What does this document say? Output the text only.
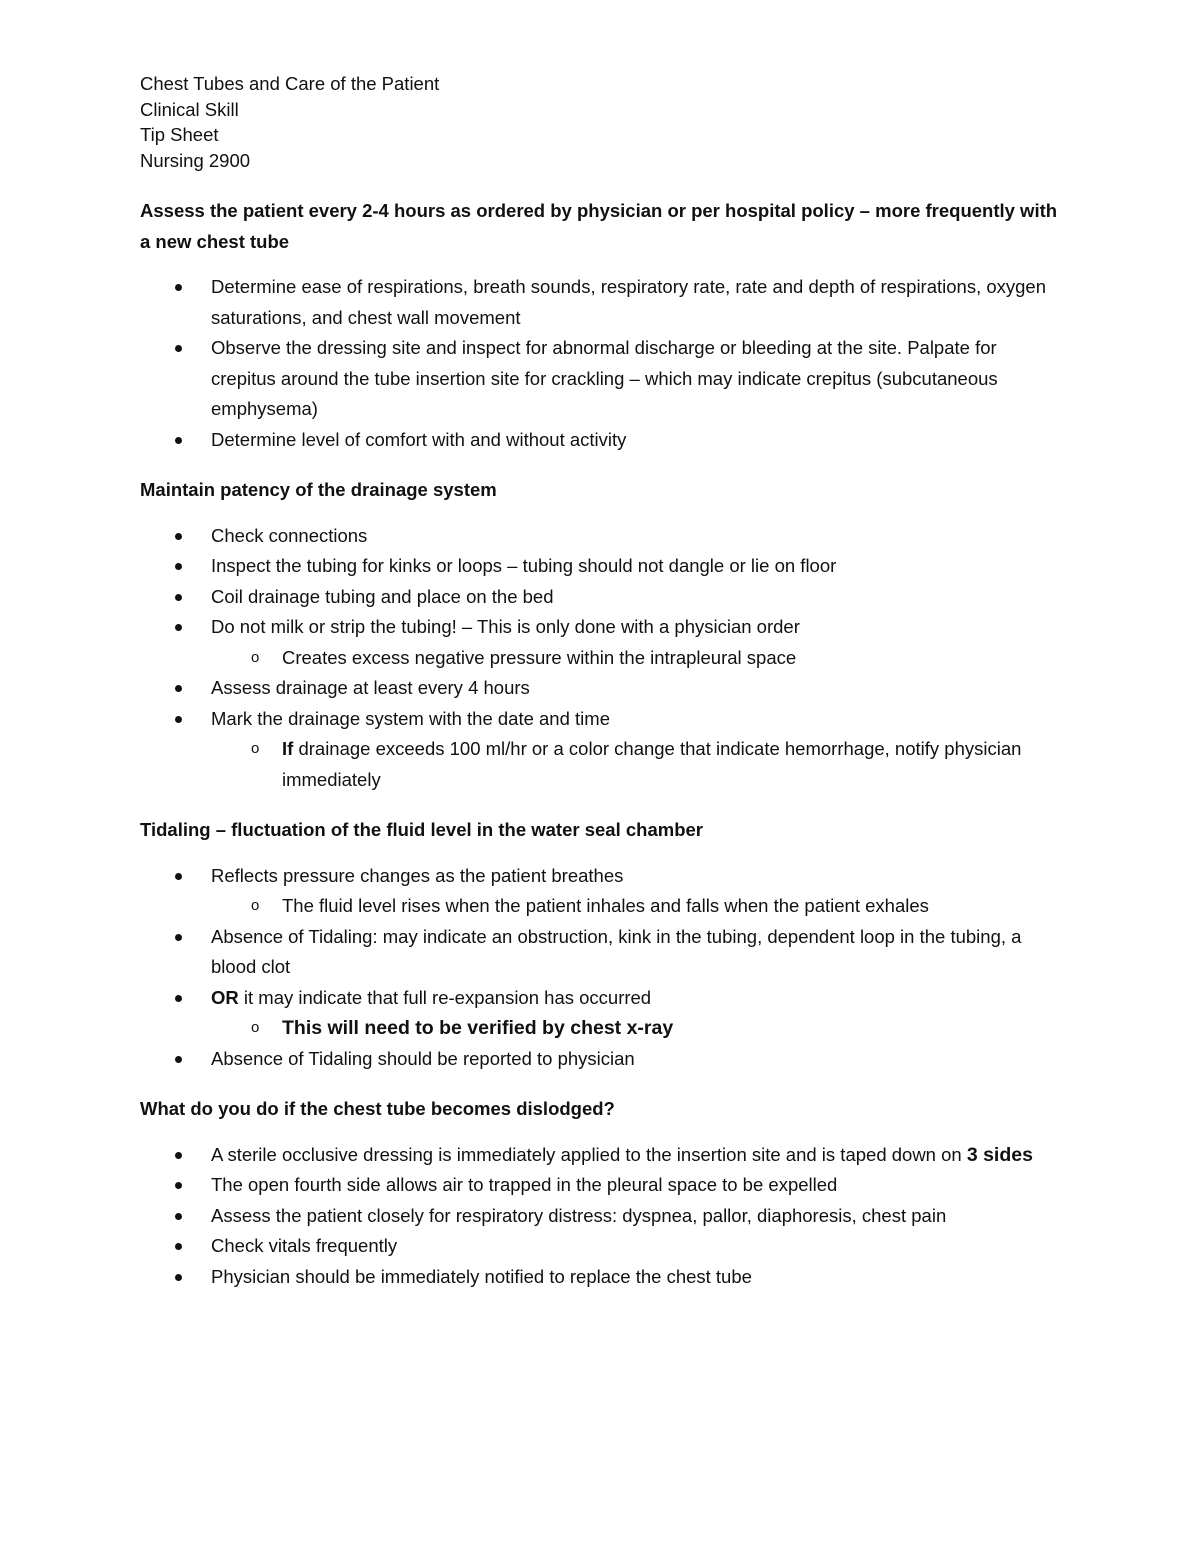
Chest Tubes and Care of the Patient

Clinical Skill

Tip Sheet

Nursing 2900

Assess the patient every 2-4 hours as ordered by physician or per hospital policy – more frequently with a new chest tube

Determine ease of respirations, breath sounds, respiratory rate, rate and depth of respirations, oxygen saturations, and chest wall movement
Observe the dressing site and inspect for abnormal discharge or bleeding at the site. Palpate for crepitus around the tube insertion site for crackling – which may indicate crepitus (subcutaneous emphysema)
Determine level of comfort with and without activity

Maintain patency of the drainage system

Check connections
Inspect the tubing for kinks or loops – tubing should not dangle or lie on floor
Coil drainage tubing and place on the bed
Do not milk or strip the tubing! – This is only done with a physician order
o Creates excess negative pressure within the intrapleural space
Assess drainage at least every 4 hours
Mark the drainage system with the date and time
o If drainage exceeds 100 ml/hr or a color change that indicate hemorrhage, notify physician immediately

Tidaling – fluctuation of the fluid level in the water seal chamber

Reflects pressure changes as the patient breathes
o The fluid level rises when the patient inhales and falls when the patient exhales
Absence of Tidaling: may indicate an obstruction, kink in the tubing, dependent loop in the tubing, a blood clot
OR it may indicate that full re-expansion has occurred
o This will need to be verified by chest x-ray
Absence of Tidaling should be reported to physician

What do you do if the chest tube becomes dislodged?

A sterile occlusive dressing is immediately applied to the insertion site and is taped down on 3 sides
The open fourth side allows air to trapped in the pleural space to be expelled
Assess the patient closely for respiratory distress: dyspnea, pallor, diaphoresis, chest pain
Check vitals frequently
Physician should be immediately notified to replace the chest tube
